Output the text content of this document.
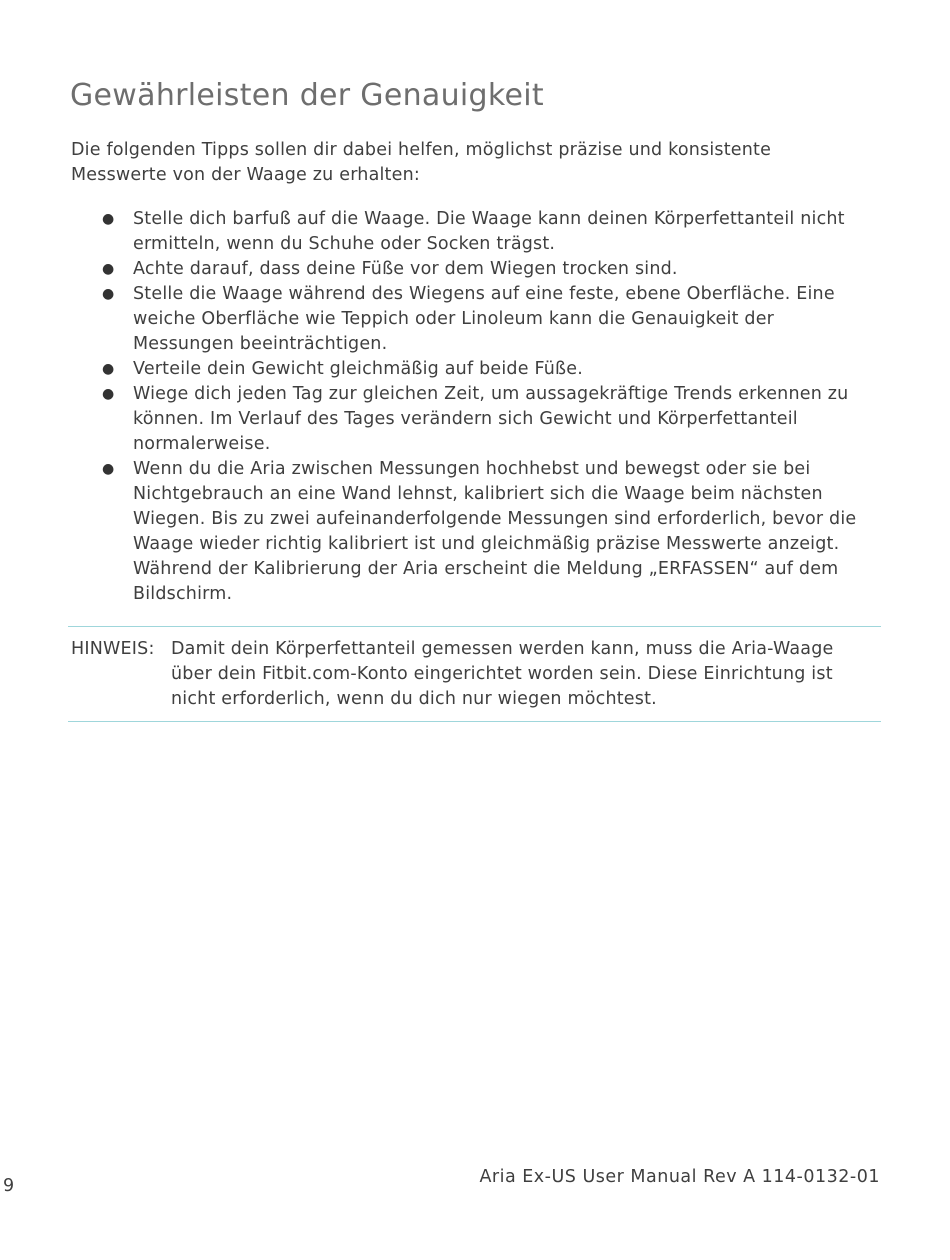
Gewährleisten der Genauigkeit

Die folgenden Tipps sollen dir dabei helfen, möglichst präzise und konsistente Messwerte von der Waage zu erhalten:

● Stelle dich barfuß auf die Waage. Die Waage kann deinen Körperfettanteil nicht ermitteln, wenn du Schuhe oder Socken trägst.
● Achte darauf, dass deine Füße vor dem Wiegen trocken sind.
● Stelle die Waage während des Wiegens auf eine feste, ebene Oberfläche. Eine weiche Oberfläche wie Teppich oder Linoleum kann die Genauigkeit der Messungen beeinträchtigen.
● Verteile dein Gewicht gleichmäßig auf beide Füße.
● Wiege dich jeden Tag zur gleichen Zeit, um aussagekräftige Trends erkennen zu können. Im Verlauf des Tages verändern sich Gewicht und Körperfettanteil normalerweise.
● Wenn du die Aria zwischen Messungen hochhebst und bewegst oder sie bei Nichtgebrauch an eine Wand lehnst, kalibriert sich die Waage beim nächsten Wiegen. Bis zu zwei aufeinanderfolgende Messungen sind erforderlich, bevor die Waage wieder richtig kalibriert ist und gleichmäßig präzise Messwerte anzeigt. Während der Kalibrierung der Aria erscheint die Meldung „ERFASSEN“ auf dem Bildschirm.
HINWEIS: Damit dein Körperfettanteil gemessen werden kann, muss die Aria-Waage über dein Fitbit.com-Konto eingerichtet worden sein. Diese Einrichtung ist nicht erforderlich, wenn du dich nur wiegen möchtest.

9	Aria Ex-US User Manual Rev A 114-0132-01
